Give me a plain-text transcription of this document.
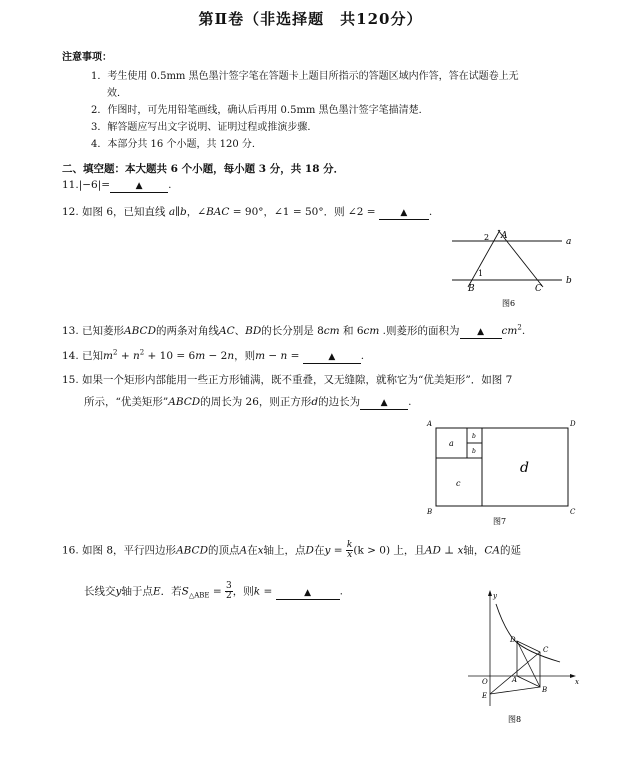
第Ⅱ卷（非选择题　共120分）
注意事项：
1．考生使用 0.5mm 黑色墨汁签字笔在答题卡上题目所指示的答题区域内作答，答在试题卷上无
效．
2．作图时，可先用铅笔画线，确认后再用 0.5mm 黑色墨汁签字笔描清楚．
3．解答题应写出文字说明、证明过程或推演步骤．
4．本部分共 16 个小题，共 120 分．
二、填空题：本大题共 6 个小题，每小题 3 分，共 18 分．
11.|−6|=	▲ .
12. 如图 6，已知直线 a∥b，∠BAC = 90°，∠1 = 50°．则 ∠2 = ▲ .
a
b
A
B	C
1
2
图6
13. 已知菱形ABCD的两条对角线AC、BD的长分别是 8cm 和 6cm .则菱形的面积为 ▲ $cm^2$.
14. 已知$m^2 + n^2 + 10 = 6m - 2n$，则m − n =	▲ .
15. 如果一个矩形内部能用一些正方形铺满，既不重叠，又无缝隙，就称它为“优美矩形”．如图 7
所示，“优美矩形”ABCD的周长为 26，则正方形d的边长为 ▲ .
A	D
B	C
a
b
b
c
d
图7
16. 如图 8，平行四边形ABCD的顶点A在x轴上，点D在$y = \frac{k}{x} (k > 0)$ 上，且AD ⊥ x轴，CA的延
长线交y轴于点E．若$S_{\triangle ABE} = \frac{3}{2}$ ，则k =	▲	.	y
x
O	A
B
C
D
E
图8
